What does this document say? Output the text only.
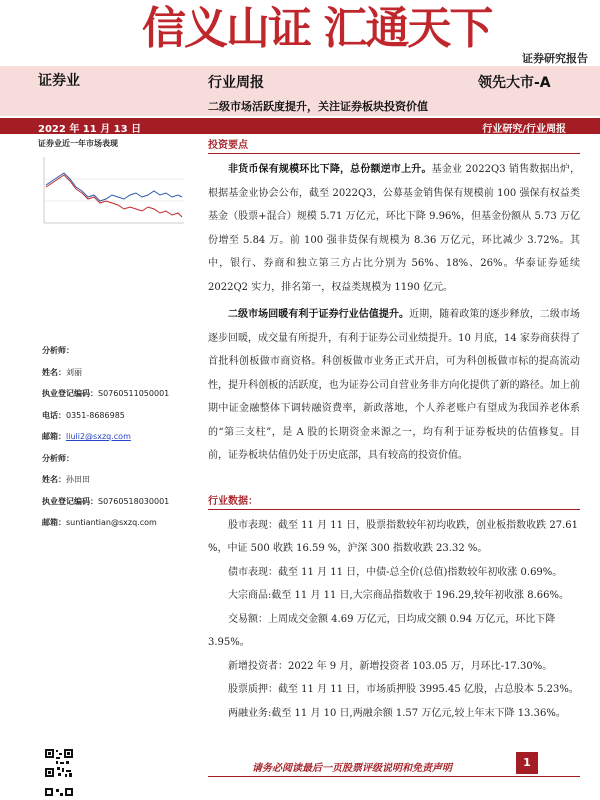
信义山证 汇通天下
证券研究报告
证券业	行业周报	领先大市-A
二级市场活跃度提升，关注证券板块投资价值
2022 年 11 月 13 日	行业研究/行业周报
证券业近一年市场表现
分析师：
姓名：刘丽
执业登记编码：S0760511050001
电话：0351-8686985
邮箱：liuli2@sxzq.com
分析师：
姓名：孙田田
执业登记编码：S0760518030001
邮箱：suntiantian@sxzq.com
投资要点

非货币保有规模环比下降，总份额逆市上升。基金业 2022Q3 销售数据出炉，根据基金业协会公布，截至 2022Q3，公募基金销售保有规模前 100 强保有权益类基金（股票+混合）规模 5.71 万亿元，环比下降 9.96%，但基金份额从 5.73 万亿份增至 5.84 万。前 100 强非货保有规模为 8.36 万亿元，环比减少 3.72%。其中，银行、券商和独立第三方占比分别为 56%、18%、26%。华泰证券延续 2022Q2 实力，排名第一，权益类规模为 1190 亿元。

二级市场回暖有利于证券行业估值提升。近期，随着政策的逐步释放，二级市场逐步回暖，成交量有所提升，有利于证券公司业绩提升。10 月底，14 家券商获得了首批科创板做市商资格。科创板做市业务正式开启，可为科创板做市标的提高流动性，提升科创板的活跃度，也为证券公司自营业务非方向化提供了新的路径。加上前期中证金融整体下调转融资费率，新政落地，个人养老账户有望成为我国养老体系的“第三支柱”，是 A 股的长期资金来源之一，均有利于证券板块的估值修复。目前，证券板块估值仍处于历史底部，具有较高的投资价值。

行业数据：

股市表现：截至 11 月 11 日，股票指数较年初均收跌，创业板指数收跌 27.61 %，中证 500 收跌 16.59 %，沪深 300 指数收跌 23.32 %。

债市表现：截至 11 月 11 日，中债-总全价(总值)指数较年初收涨 0.69%。

大宗商品:截至 11 月 11 日,大宗商品指数收于 196.29,较年初收涨 8.66%。

交易额：上周成交金额 4.69 万亿元，日均成交额 0.94 万亿元，环比下降 3.95%。

新增投资者：2022 年 9 月，新增投资者 103.05 万，月环比-17.30%。

股票质押：截至 11 月 11 日，市场质押股 3995.45 亿股，占总股本 5.23%。

两融业务:截至 11 月 10 日,两融余额 1.57 万亿元,较上年末下降 13.36%。

请务必阅读最后一页股票评级说明和免责声明	1
